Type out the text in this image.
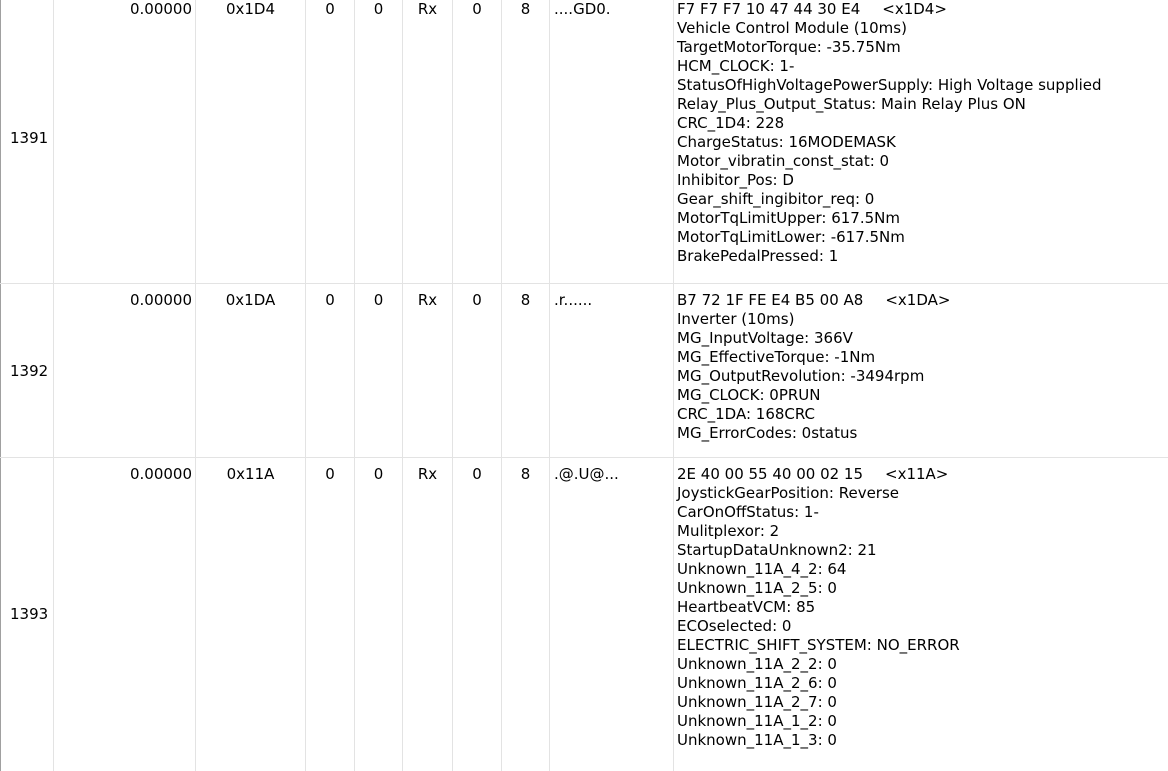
1391
0.00000	0x1D4	0	0	Rx	0	8	....GD0.	F7 F7 F7 10 47 44 30 E4 <x1D4>
Vehicle Control Module (10ms)
TargetMotorTorque: -35.75Nm
HCM_CLOCK: 1-
StatusOfHighVoltagePowerSupply: High Voltage supplied
Relay_Plus_Output_Status: Main Relay Plus ON
CRC_1D4: 228
ChargeStatus: 16MODEMASK
Motor_vibratin_const_stat: 0
Inhibitor_Pos: D
Gear_shift_ingibitor_req: 0
MotorTqLimitUpper: 617.5Nm
MotorTqLimitLower: -617.5Nm
BrakePedalPressed: 1
1392
0.00000	0x1DA	0	0	Rx	0	8	.r......	B7 72 1F FE E4 B5 00 A8 <x1DA>
Inverter (10ms)
MG_InputVoltage: 366V
MG_EffectiveTorque: -1Nm
MG_OutputRevolution: -3494rpm
MG_CLOCK: 0PRUN
CRC_1DA: 168CRC
MG_ErrorCodes: 0status
1393
0.00000	0x11A	0	0	Rx	0	8	.@.U@...	2E 40 00 55 40 00 02 15 <x11A>
JoystickGearPosition: Reverse
CarOnOffStatus: 1-
Mulitplexor: 2
StartupDataUnknown2: 21
Unknown_11A_4_2: 64
Unknown_11A_2_5: 0
HeartbeatVCM: 85
ECOselected: 0
ELECTRIC_SHIFT_SYSTEM: NO_ERROR
Unknown_11A_2_2: 0
Unknown_11A_2_6: 0
Unknown_11A_2_7: 0
Unknown_11A_1_2: 0
Unknown_11A_1_3: 0
